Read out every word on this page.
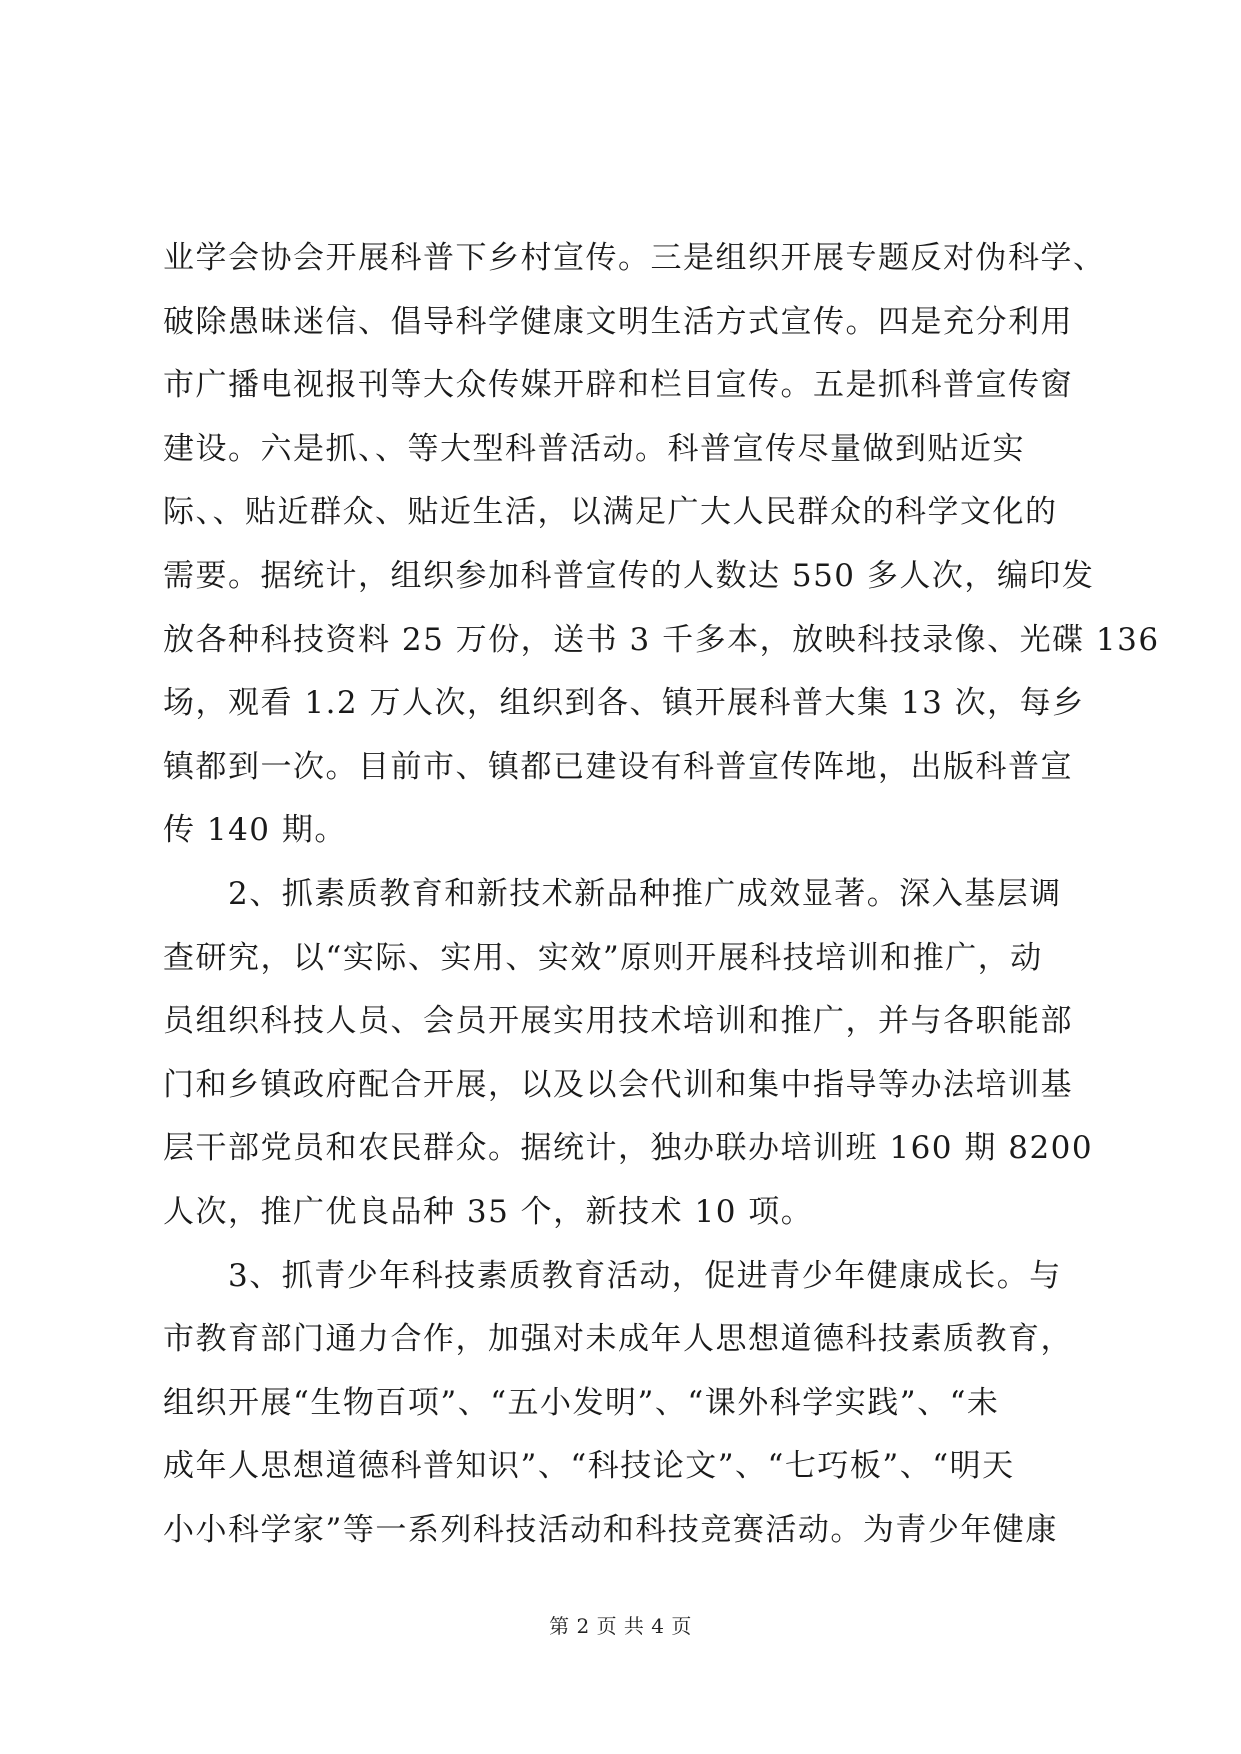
业学会协会开展科普下乡村宣传。三是组织开展专题反对伪科学、
破除愚昧迷信、倡导科学健康文明生活方式宣传。四是充分利用
市广播电视报刊等大众传媒开辟和栏目宣传。五是抓科普宣传窗
建设。六是抓、、等大型科普活动。科普宣传尽量做到贴近实
际、、贴近群众、贴近生活，以满足广大人民群众的科学文化的
需要。据统计，组织参加科普宣传的人数达 550 多人次，编印发
放各种科技资料 25 万份，送书 3 千多本，放映科技录像、光碟 136
场，观看 1.2 万人次，组织到各、镇开展科普大集 13 次，每乡
镇都到一次。目前市、镇都已建设有科普宣传阵地，出版科普宣
传 140 期。
　　2、抓素质教育和新技术新品种推广成效显著。深入基层调
查研究，以“实际、实用、实效”原则开展科技培训和推广，动
员组织科技人员、会员开展实用技术培训和推广，并与各职能部
门和乡镇政府配合开展，以及以会代训和集中指导等办法培训基
层干部党员和农民群众。据统计，独办联办培训班 160 期 8200
人次，推广优良品种 35 个，新技术 10 项。
　　3、抓青少年科技素质教育活动，促进青少年健康成长。与
市教育部门通力合作，加强对未成年人思想道德科技素质教育，
组织开展“生物百项”、“五小发明”、“课外科学实践”、“未
成年人思想道德科普知识”、“科技论文”、“七巧板”、“明天
小小科学家”等一系列科技活动和科技竞赛活动。为青少年健康
第 2 页 共 4 页
